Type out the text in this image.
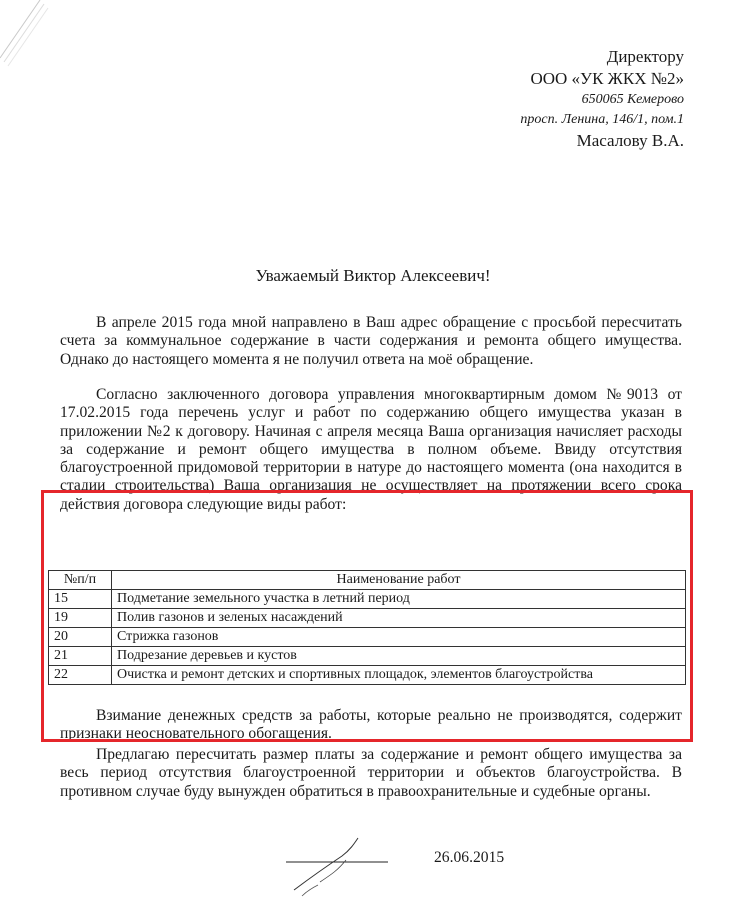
Директору
ООО «УК ЖКХ №2»
650065 Кемерово
просп. Ленина, 146/1, пом.1
Масалову В.А.
Уважаемый Виктор Алексеевич!

В апреле 2015 года мной направлено в Ваш адрес обращение с просьбой пересчитать счета за коммунальное содержание в части содержания и ремонта общего имущества. Однако до настоящего момента я не получил ответа на моё обращение.

Согласно заключенного договора управления многоквартирным домом №9013 от 17.02.2015 года перечень услуг и работ по содержанию общего имущества указан в приложении №2 к договору. Начиная с апреля месяца Ваша организация начисляет расходы за содержание и ремонт общего имущества в полном объеме. Ввиду отсутствия благоустроенной придомовой территории в натуре до настоящего момента (она находится в стадии строительства) Ваша организация не осуществляет на протяжении всего срока действия договора следующие виды работ:

№п/п	Наименование работ
15	Подметание земельного участка в летний период
19	Полив газонов и зеленых насаждений
20	Стрижка газонов
21	Подрезание деревьев и кустов
22	Очистка и ремонт детских и спортивных площадок, элементов благоустройства

Взимание денежных средств за работы, которые реально не производятся, содержит признаки неосновательного обогащения.

Предлагаю пересчитать размер платы за содержание и ремонт общего имущества за весь период отсутствия благоустроенной территории и объектов благоустройства. В противном случае буду вынужден обратиться в правоохранительные и судебные органы.

26.06.2015
